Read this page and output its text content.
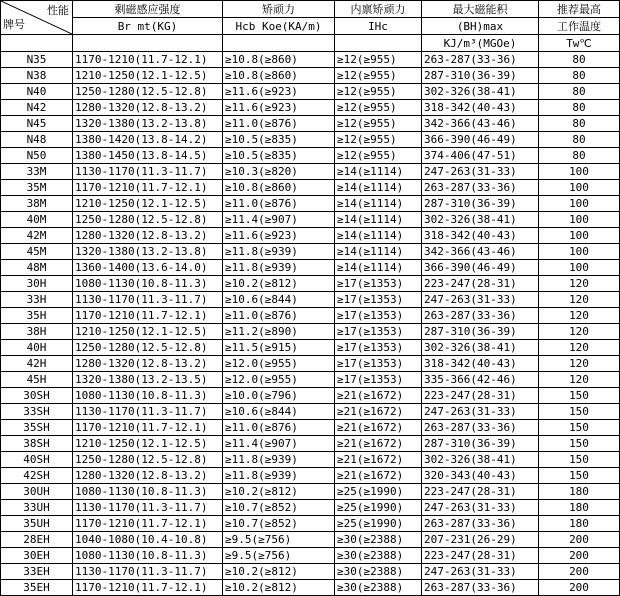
性能
牌号	剩磁感应强度	矫顽力	内禀矫顽力	最大磁能积	推荐最高
	Br mt(KG)	Hcb Koe(KA/m)	IHc	(BH)max	工作温度
				KJ/m³(MGOe)	Tw℃
N35	1170-1210(11.7-12.1)	≥10.8(≥860)	≥12(≥955)	263-287(33-36)	80
N38	1210-1250(12.1-12.5)	≥10.8(≥860)	≥12(≥955)	287-310(36-39)	80
N40	1250-1280(12.5-12.8)	≥11.6(≥923)	≥12(≥955)	302-326(38-41)	80
N42	1280-1320(12.8-13.2)	≥11.6(≥923)	≥12(≥955)	318-342(40-43)	80
N45	1320-1380(13.2-13.8)	≥11.0(≥876)	≥12(≥955)	342-366(43-46)	80
N48	1380-1420(13.8-14.2)	≥10.5(≥835)	≥12(≥955)	366-390(46-49)	80
N50	1380-1450(13.8-14.5)	≥10.5(≥835)	≥12(≥955)	374-406(47-51)	80
33M	1130-1170(11.3-11.7)	≥10.3(≥820)	≥14(≥1114)	247-263(31-33)	100
35M	1170-1210(11.7-12.1)	≥10.8(≥860)	≥14(≥1114)	263-287(33-36)	100
38M	1210-1250(12.1-12.5)	≥11.0(≥876)	≥14(≥1114)	287-310(36-39)	100
40M	1250-1280(12.5-12.8)	≥11.4(≥907)	≥14(≥1114)	302-326(38-41)	100
42M	1280-1320(12.8-13.2)	≥11.6(≥923)	≥14(≥1114)	318-342(40-43)	100
45M	1320-1380(13.2-13.8)	≥11.8(≥939)	≥14(≥1114)	342-366(43-46)	100
48M	1360-1400(13.6-14.0)	≥11.8(≥939)	≥14(≥1114)	366-390(46-49)	100
30H	1080-1130(10.8-11.3)	≥10.2(≥812)	≥17(≥1353)	223-247(28-31)	120
33H	1130-1170(11.3-11.7)	≥10.6(≥844)	≥17(≥1353)	247-263(31-33)	120
35H	1170-1210(11.7-12.1)	≥11.0(≥876)	≥17(≥1353)	263-287(33-36)	120
38H	1210-1250(12.1-12.5)	≥11.2(≥890)	≥17(≥1353)	287-310(36-39)	120
40H	1250-1280(12.5-12.8)	≥11.5(≥915)	≥17(≥1353)	302-326(38-41)	120
42H	1280-1320(12.8-13.2)	≥12.0(≥955)	≥17(≥1353)	318-342(40-43)	120
45H	1320-1380(13.2-13.5)	≥12.0(≥955)	≥17(≥1353)	335-366(42-46)	120
30SH	1080-1130(10.8-11.3)	≥10.0(≥796)	≥21(≥1672)	223-247(28-31)	150
33SH	1130-1170(11.3-11.7)	≥10.6(≥844)	≥21(≥1672)	247-263(31-33)	150
35SH	1170-1210(11.7-12.1)	≥11.0(≥876)	≥21(≥1672)	263-287(33-36)	150
38SH	1210-1250(12.1-12.5)	≥11.4(≥907)	≥21(≥1672)	287-310(36-39)	150
40SH	1250-1280(12.5-12.8)	≥11.8(≥939)	≥21(≥1672)	302-326(38-41)	150
42SH	1280-1320(12.8-13.2)	≥11.8(≥939)	≥21(≥1672)	320-343(40-43)	150
30UH	1080-1130(10.8-11.3)	≥10.2(≥812)	≥25(≥1990)	223-247(28-31)	180
33UH	1130-1170(11.3-11.7)	≥10.7(≥852)	≥25(≥1990)	247-263(31-33)	180
35UH	1170-1210(11.7-12.1)	≥10.7(≥852)	≥25(≥1990)	263-287(33-36)	180
28EH	1040-1080(10.4-10.8)	≥9.5(≥756)	≥30(≥2388)	207-231(26-29)	200
30EH	1080-1130(10.8-11.3)	≥9.5(≥756)	≥30(≥2388)	223-247(28-31)	200
33EH	1130-1170(11.3-11.7)	≥10.2(≥812)	≥30(≥2388)	247-263(31-33)	200
35EH	1170-1210(11.7-12.1)	≥10.2(≥812)	≥30(≥2388)	263-287(33-36)	200
